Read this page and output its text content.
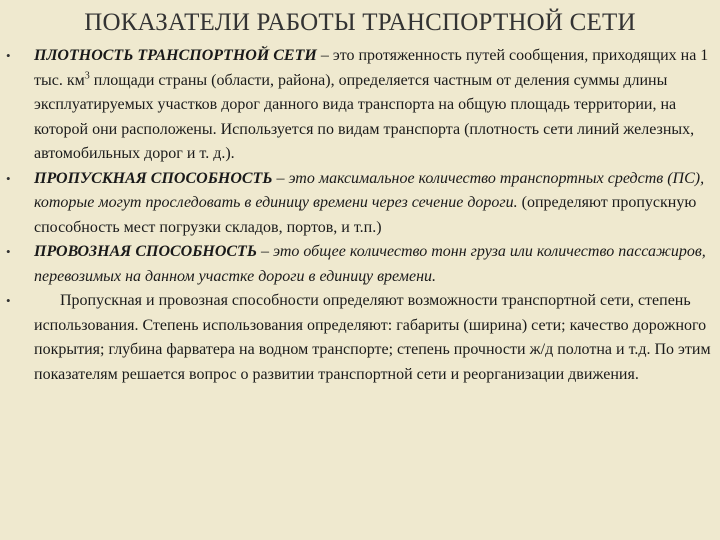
ПОКАЗАТЕЛИ РАБОТЫ ТРАНСПОРТНОЙ СЕТИ

•	ПЛОТНОСТЬ ТРАНСПОРТНОЙ СЕТИ – это протяженность путей сообщения, приходящих на 1 тыс. $км^3$ площади страны (области, района), определяется частным от деления суммы длины эксплуатируемых участков дорог данного вида транспорта на общую площадь территории, на которой они расположены. Используется по видам транспорта (плотность сети линий железных, автомобильных дорог и т. д.).

•	ПРОПУСКНАЯ СПОСОБНОСТЬ – это максимальное количество транспортных средств (ПС), которые могут проследовать в единицу времени через сечение дороги. (определяют пропускную способность мест погрузки складов, портов, и т.п.)

•	ПРОВОЗНАЯ СПОСОБНОСТЬ – это общее количество тонн груза или количество пассажиров, перевозимых на данном участке дороги в единицу времени.

•	Пропускная и провозная способности определяют возможности транспортной сети, степень использования. Степень использования определяют: габариты (ширина) сети; качество дорожного покрытия; глубина фарватера на водном транспорте; степень прочности ж/д полотна и т.д. По этим показателям решается вопрос о развитии транспортной сети и реорганизации движения.
